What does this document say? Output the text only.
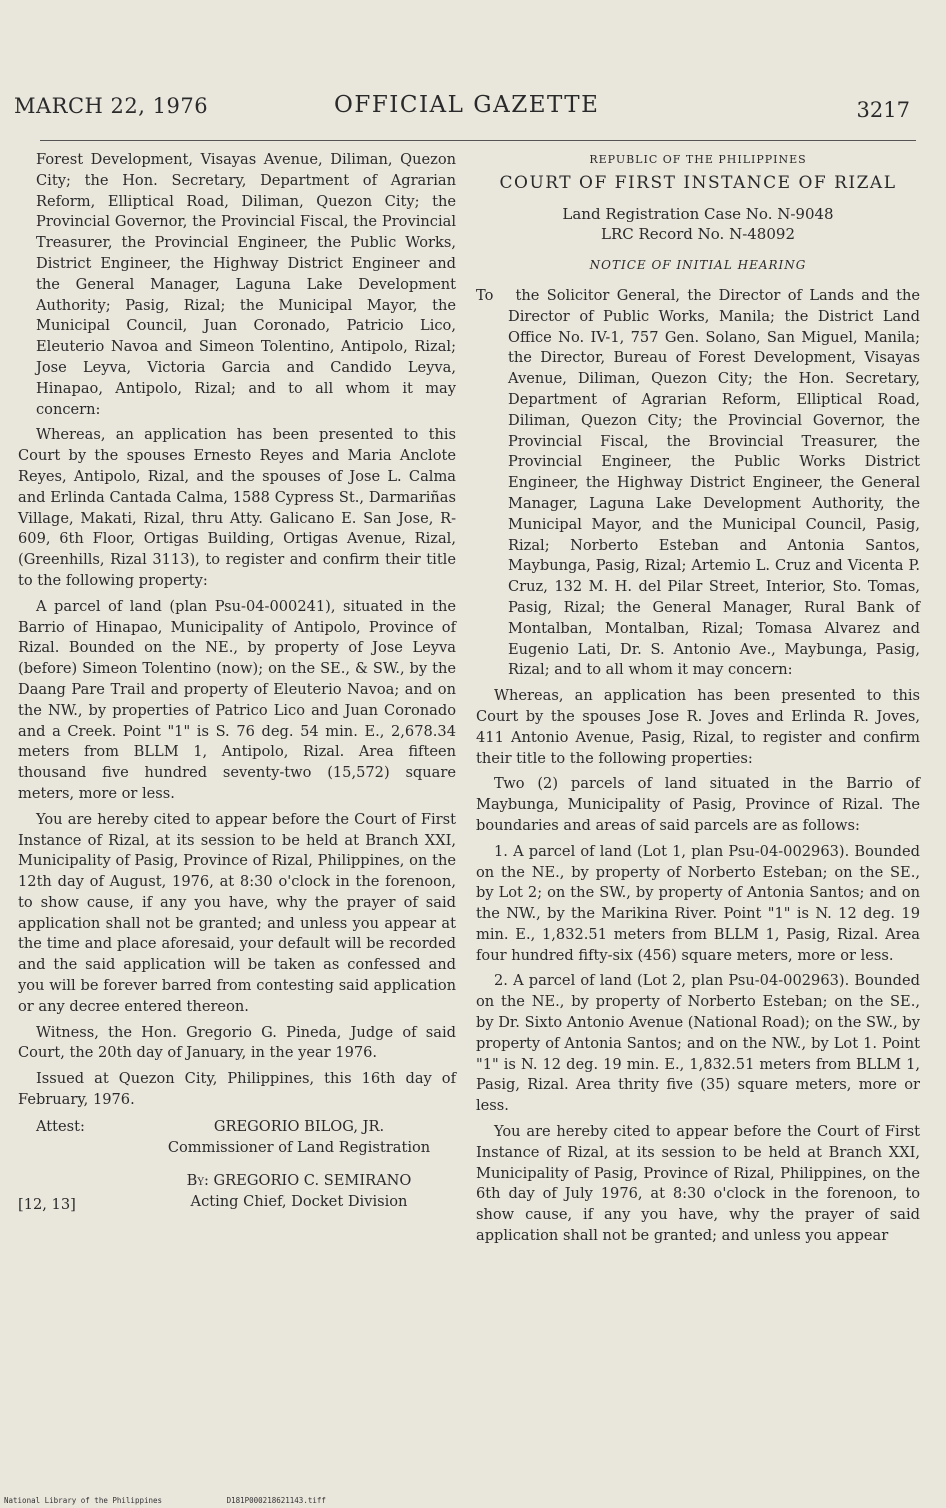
MARCH 22, 1976	OFFICIAL GAZETTE	3217

Forest Development, Visayas Avenue, Diliman, Quezon City; the Hon. Secretary, Department of Agrarian Reform, Elliptical Road, Diliman, Quezon City; the Provincial Governor, the Provincial Fiscal, the Provincial Treasurer, the Provincial Engineer, the Public Works, District Engineer, the Highway District Engineer and the General Manager, Laguna Lake Development Authority; Pasig, Rizal; the Municipal Mayor, the Municipal Council, Juan Coronado, Patricio Lico, Eleuterio Navoa and Simeon Tolentino, Antipolo, Rizal; Jose Leyva, Victoria Garcia and Candido Leyva, Hinapao, Antipolo, Rizal; and to all whom it may concern:

Whereas, an application has been presented to this Court by the spouses Ernesto Reyes and Maria Anclote Reyes, Antipolo, Rizal, and the spouses of Jose L. Calma and Erlinda Cantada Calma, 1588 Cypress St., Darmariñas Village, Makati, Rizal, thru Atty. Galicano E. San Jose, R-609, 6th Floor, Ortigas Building, Ortigas Avenue, Rizal, (Greenhills, Rizal 3113), to register and confirm their title to the following property:

A parcel of land (plan Psu-04-000241), situated in the Barrio of Hinapao, Municipality of Antipolo, Province of Rizal. Bounded on the NE., by property of Jose Leyva (before) Simeon Tolentino (now); on the SE., & SW., by the Daang Pare Trail and property of Eleuterio Navoa; and on the NW., by properties of Patrico Lico and Juan Coronado and a Creek. Point "1" is S. 76 deg. 54 min. E., 2,678.34 meters from BLLM 1, Antipolo, Rizal. Area fifteen thousand five hundred seventy-two (15,572) square meters, more or less.

You are hereby cited to appear before the Court of First Instance of Rizal, at its session to be held at Branch XXI, Municipality of Pasig, Province of Rizal, Philippines, on the 12th day of August, 1976, at 8:30 o'clock in the forenoon, to show cause, if any you have, why the prayer of said application shall not be granted; and unless you appear at the time and place aforesaid, your default will be recorded and the said application will be taken as confessed and you will be forever barred from contesting said application or any decree entered thereon.

Witness, the Hon. Gregorio G. Pineda, Judge of said Court, the 20th day of January, in the year 1976.

Issued at Quezon City, Philippines, this 16th day of February, 1976.

Attest:	GREGORIO BILOG, JR.
Commissioner of Land Registration
[12, 13]
By: GREGORIO C. SEMIRANO
Acting Chief, Docket Division

REPUBLIC OF THE PHILIPPINES

COURT OF FIRST INSTANCE OF RIZAL

Land Registration Case No. N-9048

LRC Record No. N-48092

NOTICE OF INITIAL HEARING

To the Solicitor General, the Director of Lands and the Director of Public Works, Manila; the District Land Office No. IV-1, 757 Gen. Solano, San Miguel, Manila; the Director, Bureau of Forest Development, Visayas Avenue, Diliman, Quezon City; the Hon. Secretary, Department of Agrarian Reform, Elliptical Road, Diliman, Quezon City; the Provincial Governor, the Provincial Fiscal, the Brovincial Treasurer, the Provincial Engineer, the Public Works District Engineer, the Highway District Engineer, the General Manager, Laguna Lake Development Authority, the Municipal Mayor, and the Municipal Council, Pasig, Rizal; Norberto Esteban and Antonia Santos, Maybunga, Pasig, Rizal; Artemio L. Cruz and Vicenta P. Cruz, 132 M. H. del Pilar Street, Interior, Sto. Tomas, Pasig, Rizal; the General Manager, Rural Bank of Montalban, Montalban, Rizal; Tomasa Alvarez and Eugenio Lati, Dr. S. Antonio Ave., Maybunga, Pasig, Rizal; and to all whom it may concern:

Whereas, an application has been presented to this Court by the spouses Jose R. Joves and Erlinda R. Joves, 411 Antonio Avenue, Pasig, Rizal, to register and confirm their title to the following properties:

Two (2) parcels of land situated in the Barrio of Maybunga, Municipality of Pasig, Province of Rizal. The boundaries and areas of said parcels are as follows:

1. A parcel of land (Lot 1, plan Psu-04-002963). Bounded on the NE., by property of Norberto Esteban; on the SE., by Lot 2; on the SW., by property of Antonia Santos; and on the NW., by the Marikina River. Point "1" is N. 12 deg. 19 min. E., 1,832.51 meters from BLLM 1, Pasig, Rizal. Area four hundred fifty-six (456) square meters, more or less.

2. A parcel of land (Lot 2, plan Psu-04-002963). Bounded on the NE., by property of Norberto Esteban; on the SE., by Dr. Sixto Antonio Avenue (National Road); on the SW., by property of Antonia Santos; and on the NW., by Lot 1. Point "1" is N. 12 deg. 19 min. E., 1,832.51 meters from BLLM 1, Pasig, Rizal. Area thrity five (35) square meters, more or less.

You are hereby cited to appear before the Court of First Instance of Rizal, at its session to be held at Branch XXI, Municipality of Pasig, Province of Rizal, Philippines, on the 6th day of July 1976, at 8:30 o'clock in the forenoon, to show cause, if any you have, why the prayer of said application shall not be granted; and unless you appear

National Library of the Philippines	D181P000218621143.tiff
